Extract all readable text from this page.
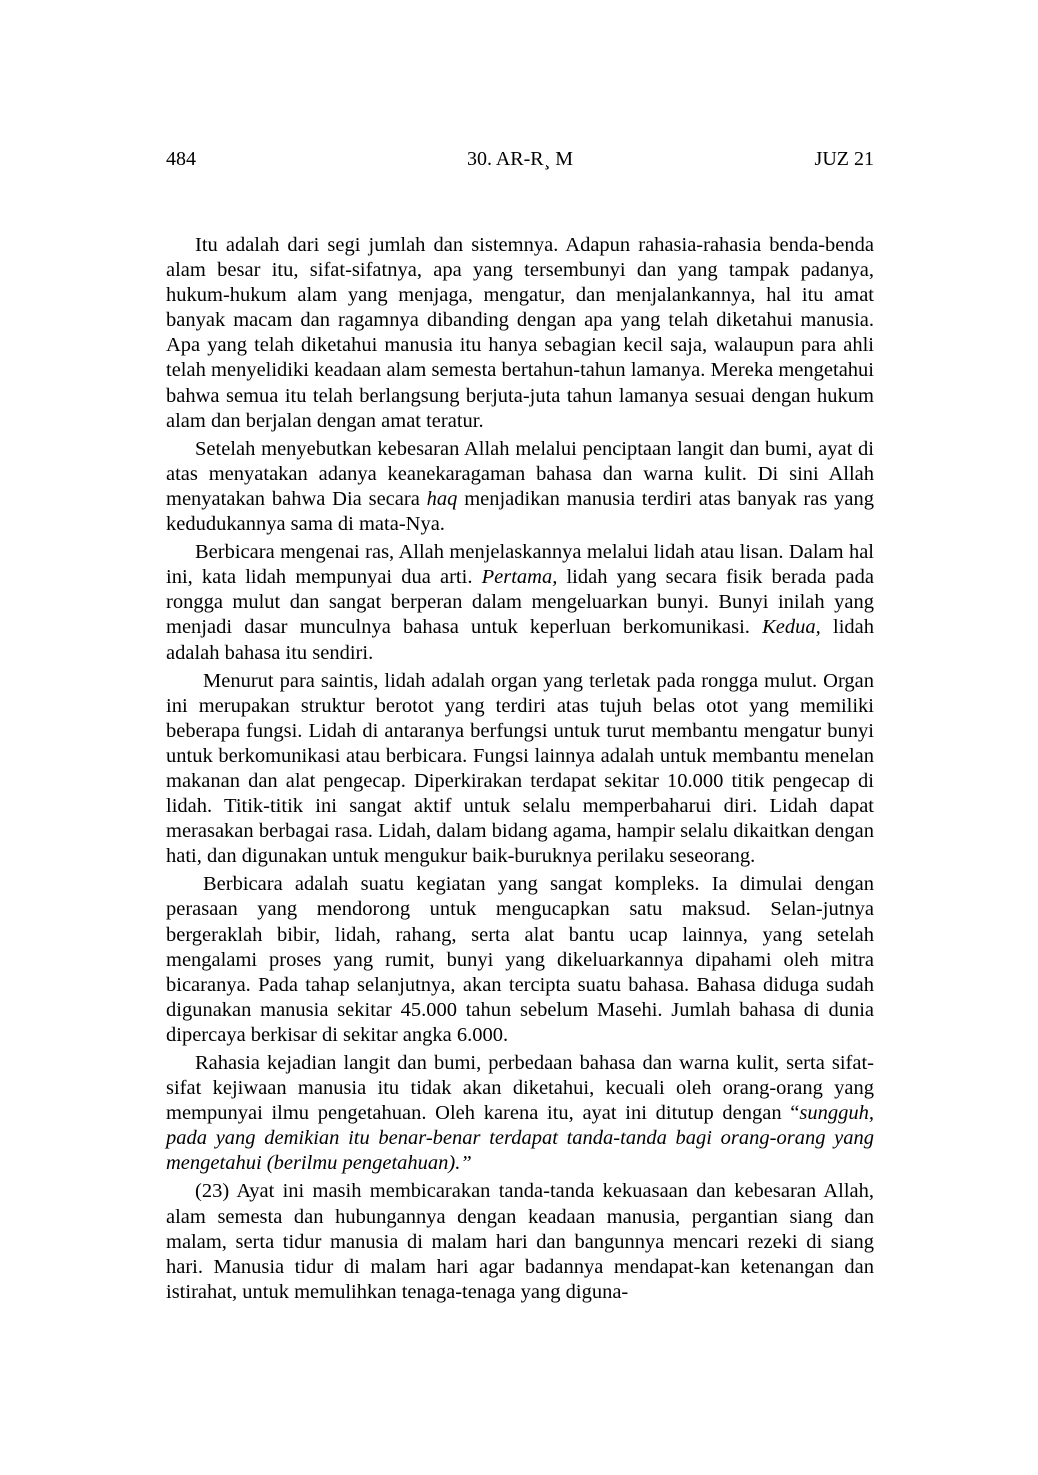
484	30. AR-R¸ M	JUZ 21

Itu adalah dari segi jumlah dan sistemnya. Adapun rahasia-rahasia benda-benda alam besar itu, sifat-sifatnya, apa yang tersembunyi dan yang tampak padanya, hukum-hukum alam yang menjaga, mengatur, dan menjalankannya, hal itu amat banyak macam dan ragamnya dibanding dengan apa yang telah diketahui manusia. Apa yang telah diketahui manusia itu hanya sebagian kecil saja, walaupun para ahli telah menyelidiki keadaan alam semesta bertahun-tahun lamanya. Mereka mengetahui bahwa semua itu telah berlangsung berjuta-juta tahun lamanya sesuai dengan hukum alam dan berjalan dengan amat teratur.

Setelah menyebutkan kebesaran Allah melalui penciptaan langit dan bumi, ayat di atas menyatakan adanya keanekaragaman bahasa dan warna kulit. Di sini Allah menyatakan bahwa Dia secara haq menjadikan manusia terdiri atas banyak ras yang kedudukannya sama di mata-Nya.

Berbicara mengenai ras, Allah menjelaskannya melalui lidah atau lisan. Dalam hal ini, kata lidah mempunyai dua arti. Pertama, lidah yang secara fisik berada pada rongga mulut dan sangat berperan dalam mengeluarkan bunyi. Bunyi inilah yang menjadi dasar munculnya bahasa untuk keperluan berkomunikasi. Kedua, lidah adalah bahasa itu sendiri.

Menurut para saintis, lidah adalah organ yang terletak pada rongga mulut. Organ ini merupakan struktur berotot yang terdiri atas tujuh belas otot yang memiliki beberapa fungsi. Lidah di antaranya berfungsi untuk turut membantu mengatur bunyi untuk berkomunikasi atau berbicara. Fungsi lainnya adalah untuk membantu menelan makanan dan alat pengecap. Diperkirakan terdapat sekitar 10.000 titik pengecap di lidah. Titik-titik ini sangat aktif untuk selalu memperbaharui diri. Lidah dapat merasakan berbagai rasa. Lidah, dalam bidang agama, hampir selalu dikaitkan dengan hati, dan digunakan untuk mengukur baik-buruknya perilaku seseorang.

Berbicara adalah suatu kegiatan yang sangat kompleks. Ia dimulai dengan perasaan yang mendorong untuk mengucapkan satu maksud. Selan-jutnya bergeraklah bibir, lidah, rahang, serta alat bantu ucap lainnya, yang setelah mengalami proses yang rumit, bunyi yang dikeluarkannya dipahami oleh mitra bicaranya. Pada tahap selanjutnya, akan tercipta suatu bahasa. Bahasa diduga sudah digunakan manusia sekitar 45.000 tahun sebelum Masehi. Jumlah bahasa di dunia dipercaya berkisar di sekitar angka 6.000.

Rahasia kejadian langit dan bumi, perbedaan bahasa dan warna kulit, serta sifat-sifat kejiwaan manusia itu tidak akan diketahui, kecuali oleh orang-orang yang mempunyai ilmu pengetahuan. Oleh karena itu, ayat ini ditutup dengan “sungguh, pada yang demikian itu benar-benar terdapat tanda-tanda bagi orang-orang yang mengetahui (berilmu pengetahuan).”

(23) Ayat ini masih membicarakan tanda-tanda kekuasaan dan kebesaran Allah, alam semesta dan hubungannya dengan keadaan manusia, pergantian siang dan malam, serta tidur manusia di malam hari dan bangunnya mencari rezeki di siang hari. Manusia tidur di malam hari agar badannya mendapat-kan ketenangan dan istirahat, untuk memulihkan tenaga-tenaga yang diguna-
